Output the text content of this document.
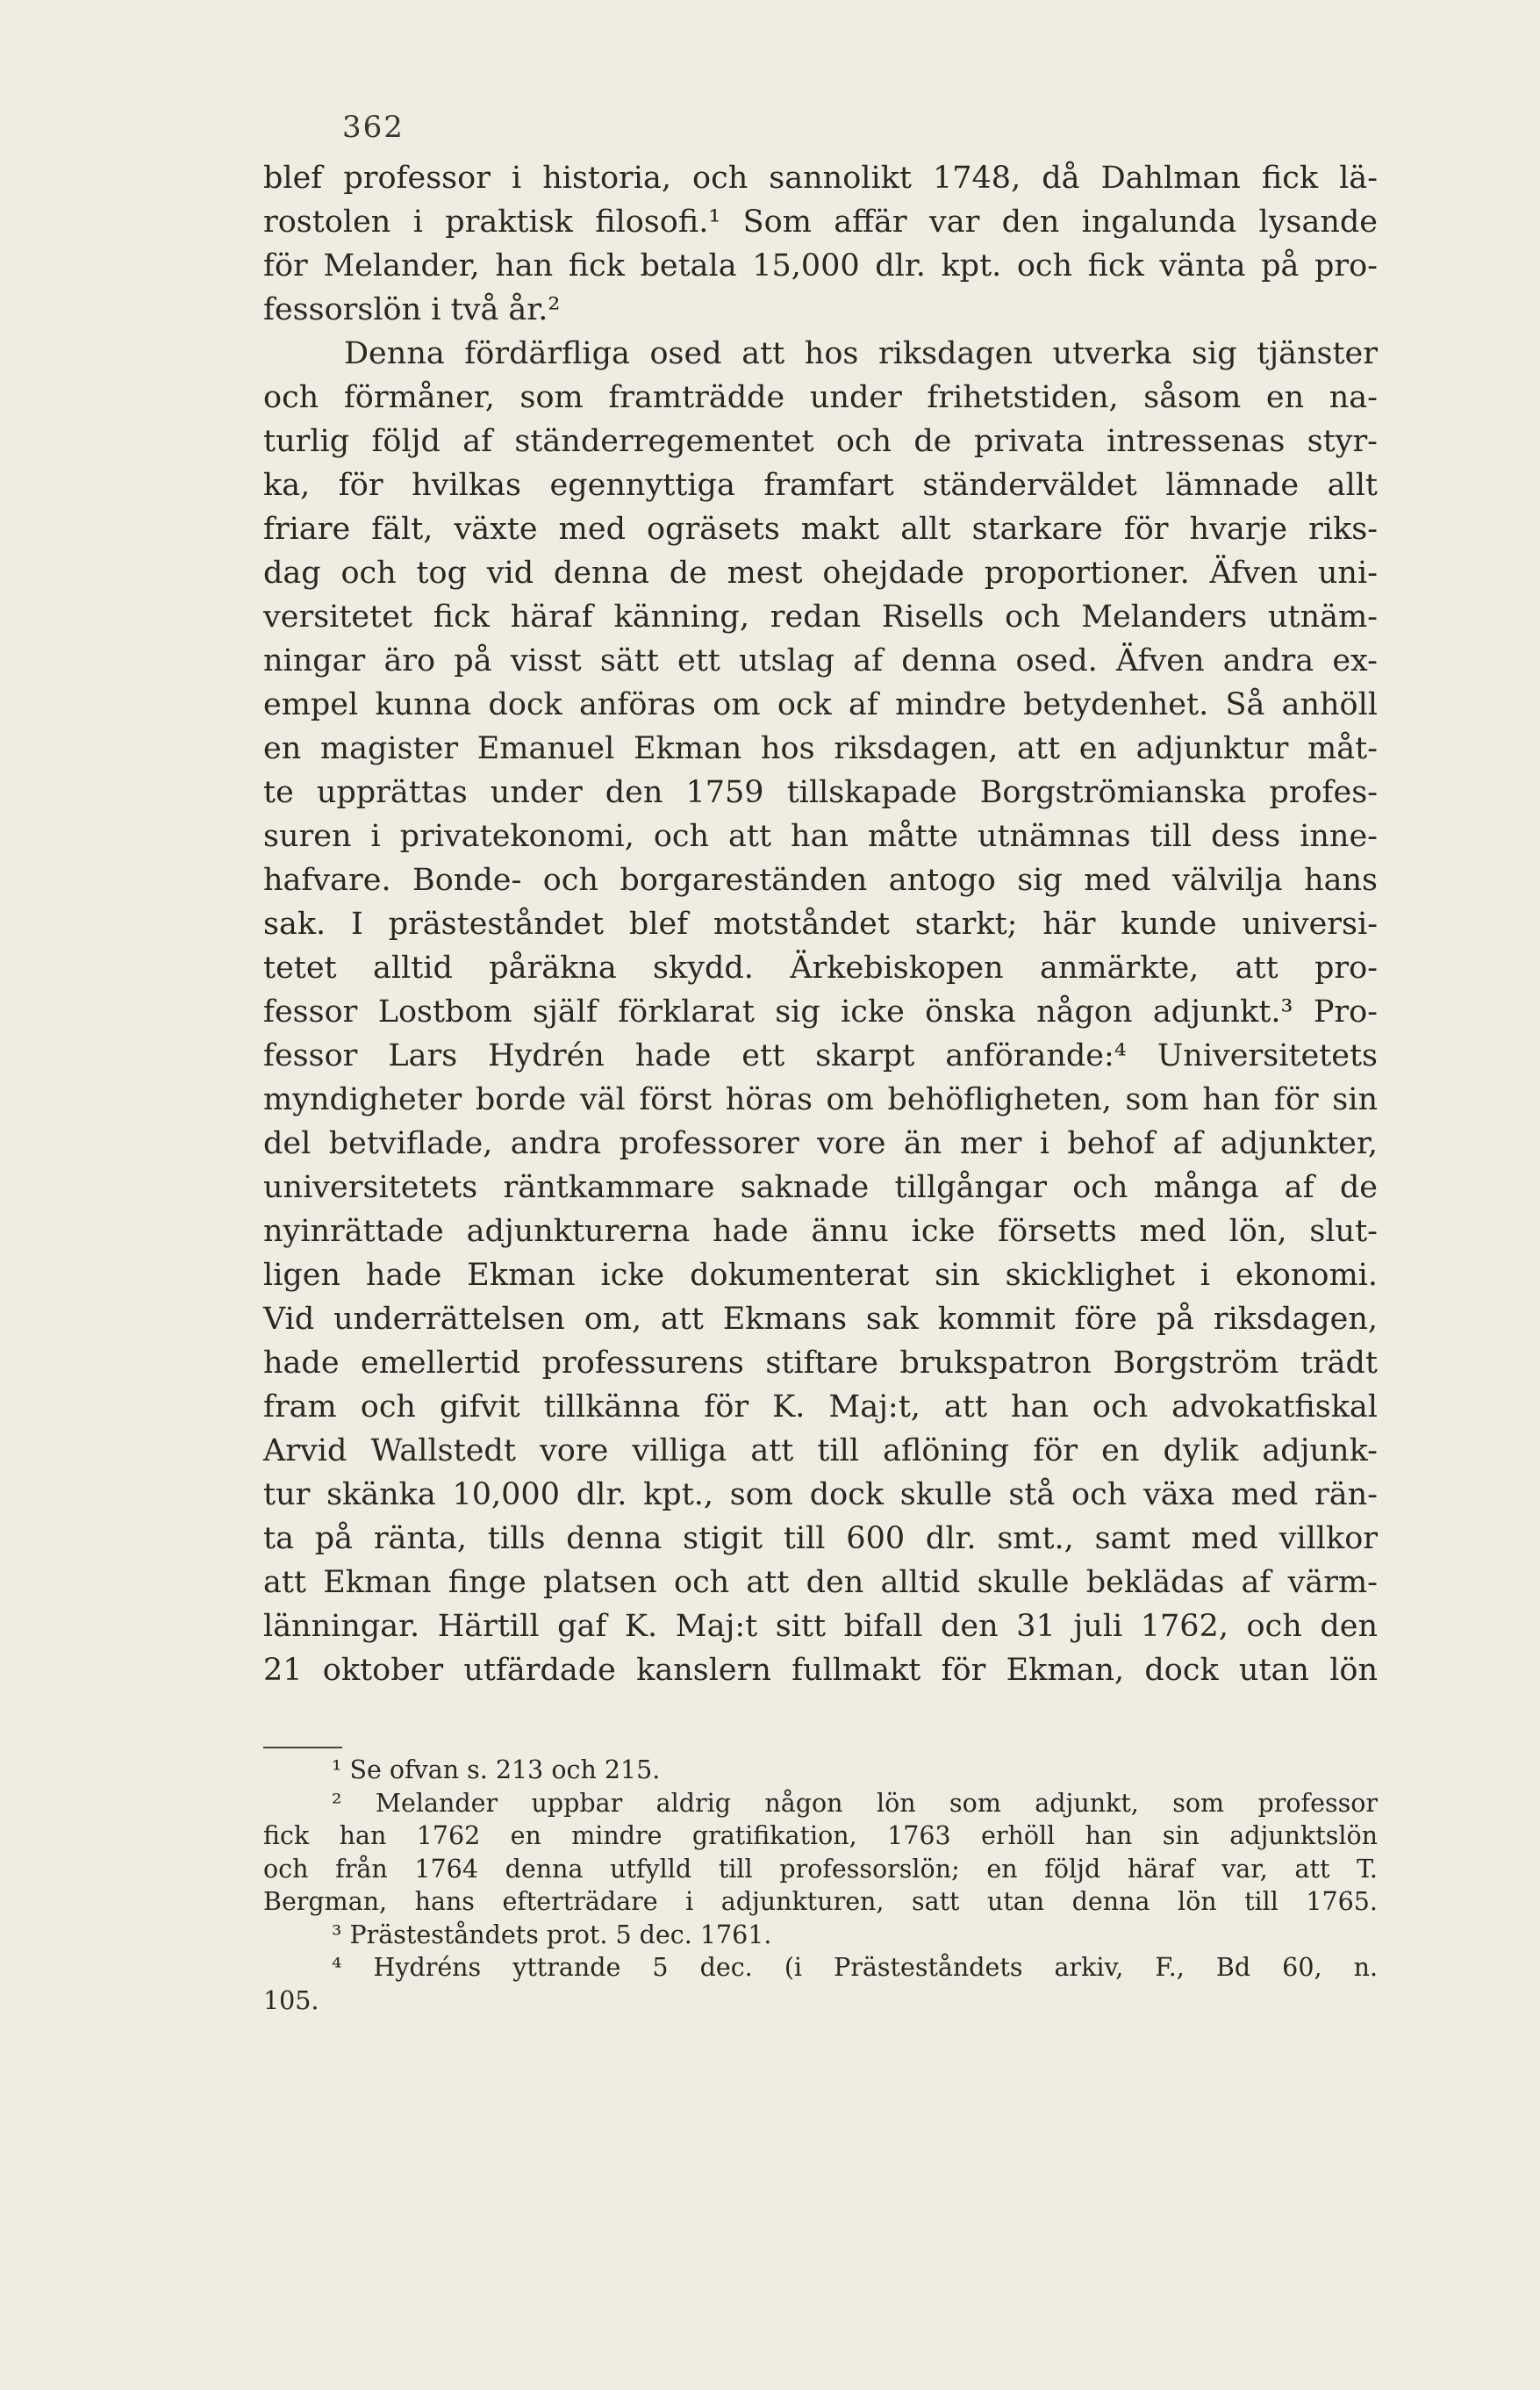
362
blef professor i historia, och sannolikt 1748, då Dahlman fick lä-
rostolen i praktisk filosofi.¹ Som affär var den ingalunda lysande
för Melander, han fick betala 15,000 dlr. kpt. och fick vänta på pro-
fessorslön i två år.²
Denna fördärfliga osed att hos riksdagen utverka sig tjänster
och förmåner, som framträdde under frihetstiden, såsom en na-
turlig följd af ständerregementet och de privata intressenas styr-
ka, för hvilkas egennyttiga framfart ständerväldet lämnade allt
friare fält, växte med ogräsets makt allt starkare för hvarje riks-
dag och tog vid denna de mest ohejdade proportioner. Äfven uni-
versitetet fick häraf känning, redan Risells och Melanders utnäm-
ningar äro på visst sätt ett utslag af denna osed. Äfven andra ex-
empel kunna dock anföras om ock af mindre betydenhet. Så anhöll
en magister Emanuel Ekman hos riksdagen, att en adjunktur måt-
te upprättas under den 1759 tillskapade Borgströmianska profes-
suren i privatekonomi, och att han måtte utnämnas till dess inne-
hafvare. Bonde- och borgareständen antogo sig med välvilja hans
sak. I prästeståndet blef motståndet starkt; här kunde universi-
tetet alltid påräkna skydd. Ärkebiskopen anmärkte, att pro-
fessor Lostbom själf förklarat sig icke önska någon adjunkt.³ Pro-
fessor Lars Hydrén hade ett skarpt anförande:⁴ Universitetets
myndigheter borde väl först höras om behöfligheten, som han för sin
del betviflade, andra professorer vore än mer i behof af adjunkter,
universitetets räntkammare saknade tillgångar och många af de
nyinrättade adjunkturerna hade ännu icke försetts med lön, slut-
ligen hade Ekman icke dokumenterat sin skicklighet i ekonomi.
Vid underrättelsen om, att Ekmans sak kommit före på riksdagen,
hade emellertid professurens stiftare brukspatron Borgström trädt
fram och gifvit tillkänna för K. Maj:t, att han och advokatfiskal
Arvid Wallstedt vore villiga att till aflöning för en dylik adjunk-
tur skänka 10,000 dlr. kpt., som dock skulle stå och växa med rän-
ta på ränta, tills denna stigit till 600 dlr. smt., samt med villkor
att Ekman finge platsen och att den alltid skulle beklädas af värm-
länningar. Härtill gaf K. Maj:t sitt bifall den 31 juli 1762, och den
21 oktober utfärdade kanslern fullmakt för Ekman, dock utan lön
¹ Se ofvan s. 213 och 215.
² Melander uppbar aldrig någon lön som adjunkt, som professor
fick han 1762 en mindre gratifikation, 1763 erhöll han sin adjunktslön
och från 1764 denna utfylld till professorslön; en följd häraf var, att T.
Bergman, hans efterträdare i adjunkturen, satt utan denna lön till 1765.
³ Prästeståndets prot. 5 dec. 1761.
⁴ Hydréns yttrande 5 dec. (i Prästeståndets arkiv, F., Bd 60, n.
105.
